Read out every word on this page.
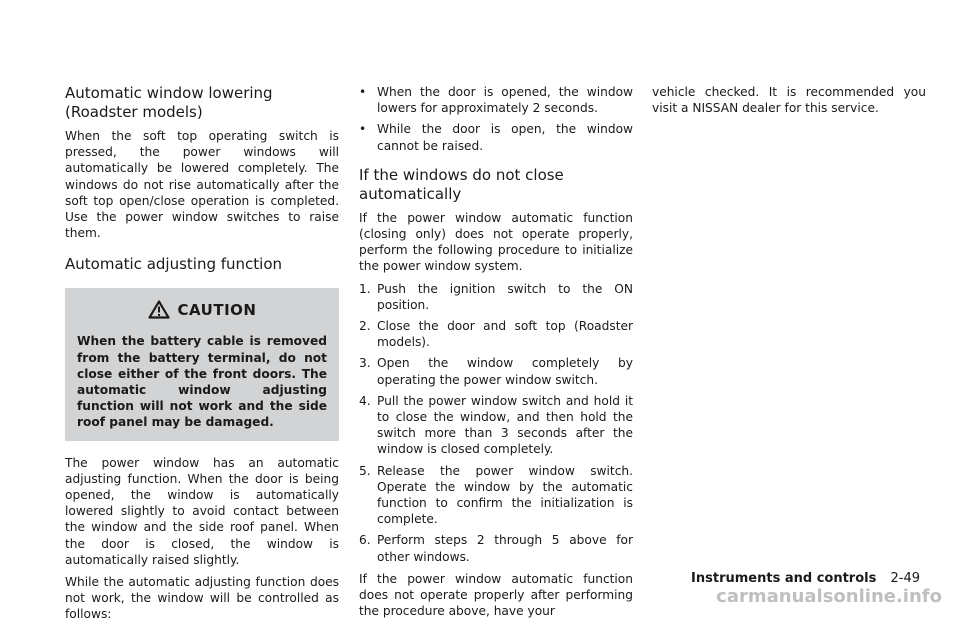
Automatic window lowering (Roadster models)

When the soft top operating switch is pressed, the power windows will automatically be lowered completely. The windows do not rise automatically after the soft top open/close operation is completed. Use the power window switches to raise them.

Automatic adjusting function
CAUTION
When the battery cable is removed from the battery terminal, do not close either of the front doors. The automatic window adjusting function will not work and the side roof panel may be damaged.

The power window has an automatic adjusting function. When the door is being opened, the window is automatically lowered slightly to avoid contact between the window and the side roof panel. When the door is closed, the window is automatically raised slightly.

While the automatic adjusting function does not work, the window will be controlled as follows:

• When the door is opened, the window lowers for approximately 2 seconds.
• While the door is open, the window cannot be raised.
If the windows do not close automatically

If the power window automatic function (closing only) does not operate properly, perform the following procedure to initialize the power window system.

1. Push the ignition switch to the ON position.
2. Close the door and soft top (Roadster models).
3. Open the window completely by operating the power window switch.
4. Pull the power window switch and hold it to close the window, and then hold the switch more than 3 seconds after the window is closed completely.
5. Release the power window switch. Operate the window by the automatic function to confirm the initialization is complete.
6. Perform steps 2 through 5 above for other windows.

If the power window automatic function does not operate properly after performing the procedure above, have your

vehicle checked. It is recommended you visit a NISSAN dealer for this service.

Instruments and controls 2-49
carmanualsonline.info
